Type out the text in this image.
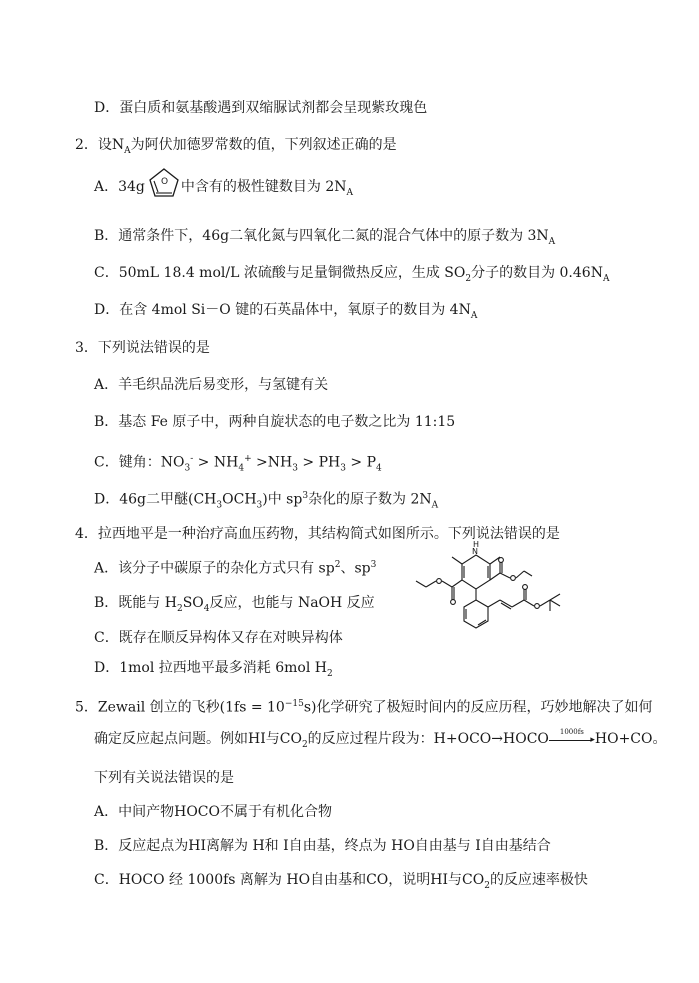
D．蛋白质和氨基酸遇到双缩脲试剂都会呈现紫玫瑰色
2．设$N_A$为阿伏加德罗常数的值，下列叙述正确的是
A．34g	中含有的极性键数目为 $2N_A$
O
B．通常条件下，46g二氧化氮与四氧化二氮的混合气体中的原子数为 $3N_A$
C．50mL 18.4 mol/L 浓硫酸与足量铜微热反应，生成 $SO_2$分子的数目为 $0.46N_A$
D．在含 4mol Si－O 键的石英晶体中，氧原子的数目为 $4N_A$
3．下列说法错误的是
A．羊毛织品洗后易变形，与氢键有关
B．基态 Fe 原子中，两种自旋状态的电子数之比为 11:15
C．键角：$NO_3^- > NH_4^+ >NH_3 > PH_3 > P_4$
D．46g二甲醚$(CH_3OCH_3)$中 $sp^3$杂化的原子数为 $2N_A$
4．拉西地平是一种治疗高血压药物，其结构简式如图所示。下列说法错误的是
A．该分子中碳原子的杂化方式只有 $sp^2$、$sp^3$
B．既能与 $H_2SO_4$反应，也能与 NaOH 反应
C．既存在顺反异构体又存在对映异构体
D．1mol 拉西地平最多消耗 6mol $H_2$
N
H
5．Zewail 创立的飞秒$(1fs = 10^{-15}s)$化学研究了极短时间内的反应历程，巧妙地解决了如何
确定反应起点问题。例如HI与$CO_2$的反应过程片段为：H+OCO→HOCO	▸
1000fs HO+CO。
下列有关说法错误的是
A．中间产物HOCO不属于有机化合物
B．反应起点为HI离解为 H和 I自由基，终点为 HO自由基与 I自由基结合
C．HOCO 经 1000fs 离解为 HO自由基和CO，说明HI与$CO_2$的反应速率极快
